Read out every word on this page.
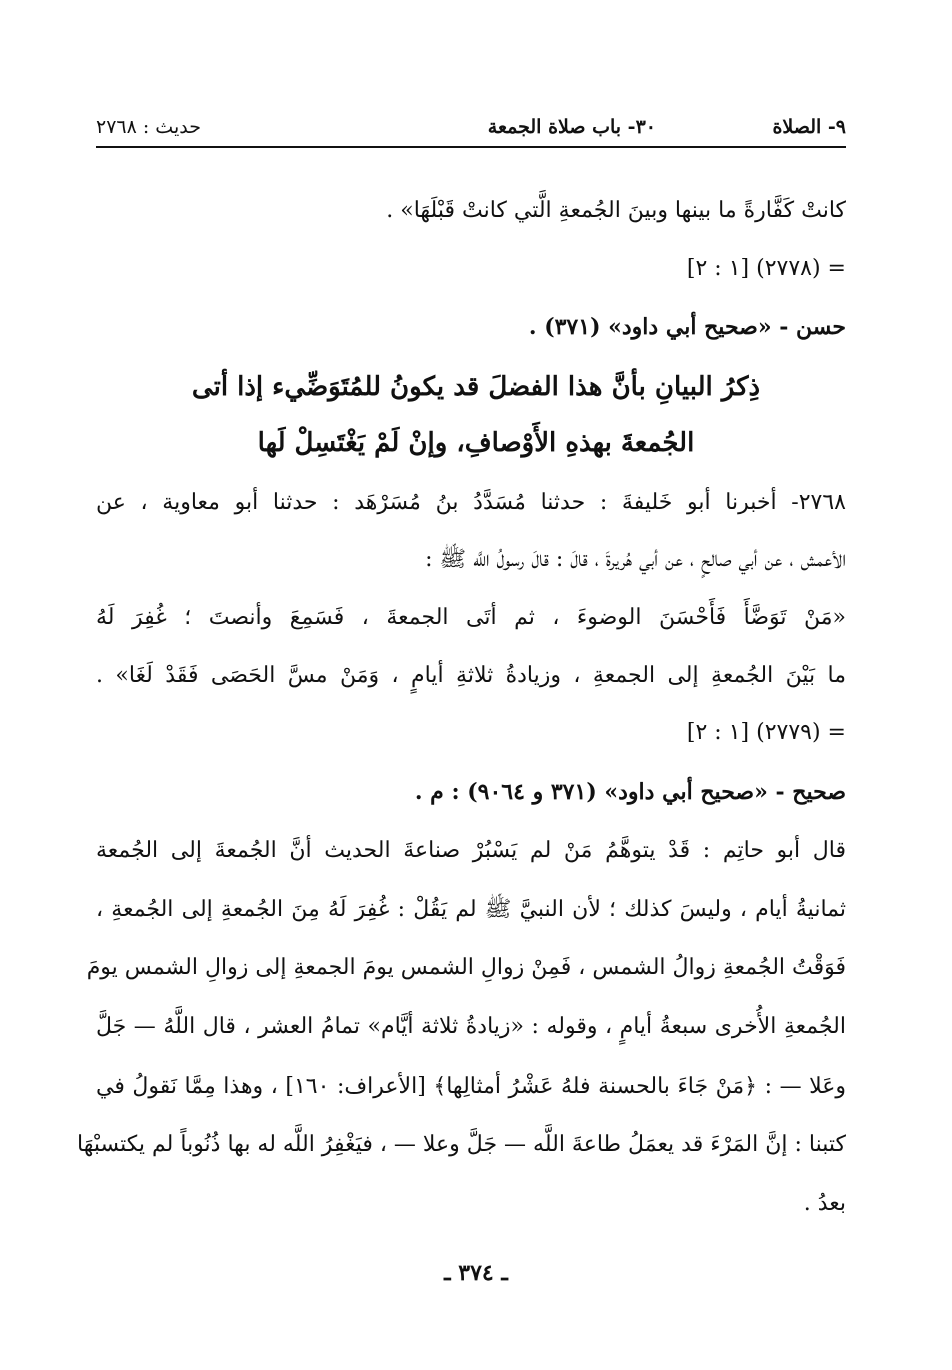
٩- الصلاة
٣٠- باب صلاة الجمعة
حديث : ٢٧٦٨
كانتْ كَفَّارةً ما بينها وبينَ الجُمعةِ الَّتي كانتْ قَبْلَهَا» .
= (٢٧٧٨) [١ : ٢]
حسن - «صحيح أبي داود» (٣٧١) .
ذِكرُ البيانِ بأنَّ هذا الفضلَ قد يكونُ للمُتَوَضِّيء إذا أتى
الجُمعةَ بهذهِ الأَوْصافِ، وإنْ لَمْ يَغْتَسِلْ لَها
٢٧٦٨- أخبرنا أبو خَليفةَ : حدثنا مُسَدَّدُ بنُ مُسَرْهَد : حدثنا أبو معاوية ، عن
الأعمش ، عن أبي صالحٍ ، عن أبي هُريرةَ ، قالَ : قالَ رسولُ اللَّه ﷺ :
«مَنْ تَوَضَّأَ فَأَحْسَنَ الوضوءَ ، ثم أتَى الجمعةَ ، فَسَمِعَ وأنصتَ ؛ غُفِرَ لَهُ
ما بَيْنَ الجُمعةِ إلى الجمعةِ ، وزيادةُ ثلاثةِ أيامٍ ، وَمَنْ مسَّ الحَصَى فَقَدْ لَغَا» .
= (٢٧٧٩) [١ : ٢]
صحيح - «صحيح أبي داود» (٣٧١ و ٩٠٦٤) : م .
قال أبو حاتِم : قَدْ يتوهَّمُ مَنْ لم يَسْبُرْ صناعةَ الحديث أنَّ الجُمعةَ إلى الجُمعة
ثمانيةُ أيام ، وليسَ كذلك ؛ لأن النبيَّ ﷺ لم يَقُلْ : غُفِرَ لَهُ مِنَ الجُمعةِ إلى الجُمعةِ ،
فَوَقْتُ الجُمعةِ زوالُ الشمس ، فَمِنْ زوالِ الشمس يومَ الجمعةِ إلى زوالِ الشمس يومَ
الجُمعةِ الأُخرى سبعةُ أيامٍ ، وقوله : «زيادةُ ثلاثة أيَّام» تمامُ العشر ، قال اللَّهُ — جَلَّ
وعَلا — : ﴿مَنْ جَاءَ بالحسنة فلهُ عَشْرُ أمثالِها﴾ [الأعراف: ١٦٠] ، وهذا مِمَّا نَقولُ في
كتبنا : إنَّ المَرْءَ قد يعمَلُ طاعةَ اللَّه — جَلَّ وعلا — ، فيَغْفِرُ اللَّه له بها ذُنُوباً لم يكتسبْهَا
بعدُ .
ـ ٣٧٤ ـ
